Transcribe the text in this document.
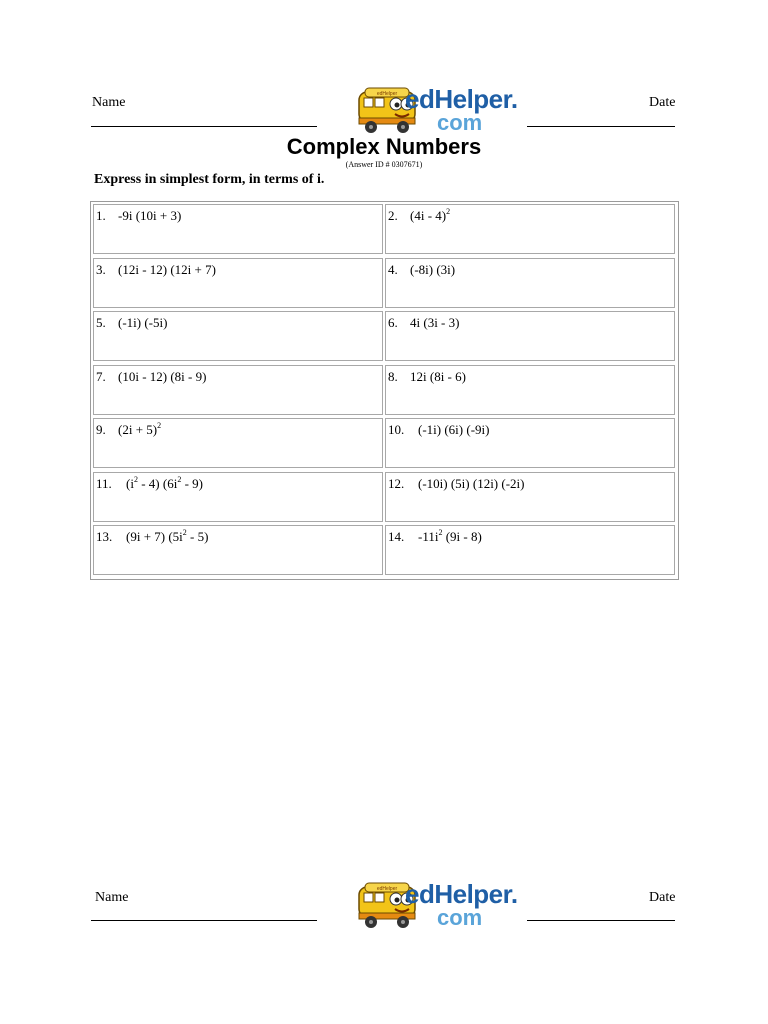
Name
edHelper edHelper.
com
Date
Complex Numbers
(Answer ID # 0307671)
Express in simplest form, in terms of i.
1. -9i (10i + 3)	2. (4i - 4)$^2$
3. (12i - 12) (12i + 7)	4. (-8i) (3i)
5. (-1i) (-5i)	6. 4i (3i - 3)
7. (10i - 12) (8i - 9)	8. 12i (8i - 6)
9. $(2i + 5)^2$	10. (-1i) (6i) (-9i)
11. $(i^2 - 4)$ $(6i^2 - 9)$	12. (-10i) (5i) (12i) (-2i)
13. (9i + 7) $(5i^2 - 5)$	14. $-11i^2$ (9i - 8)
Name
edHelper edHelper.
com
Date
